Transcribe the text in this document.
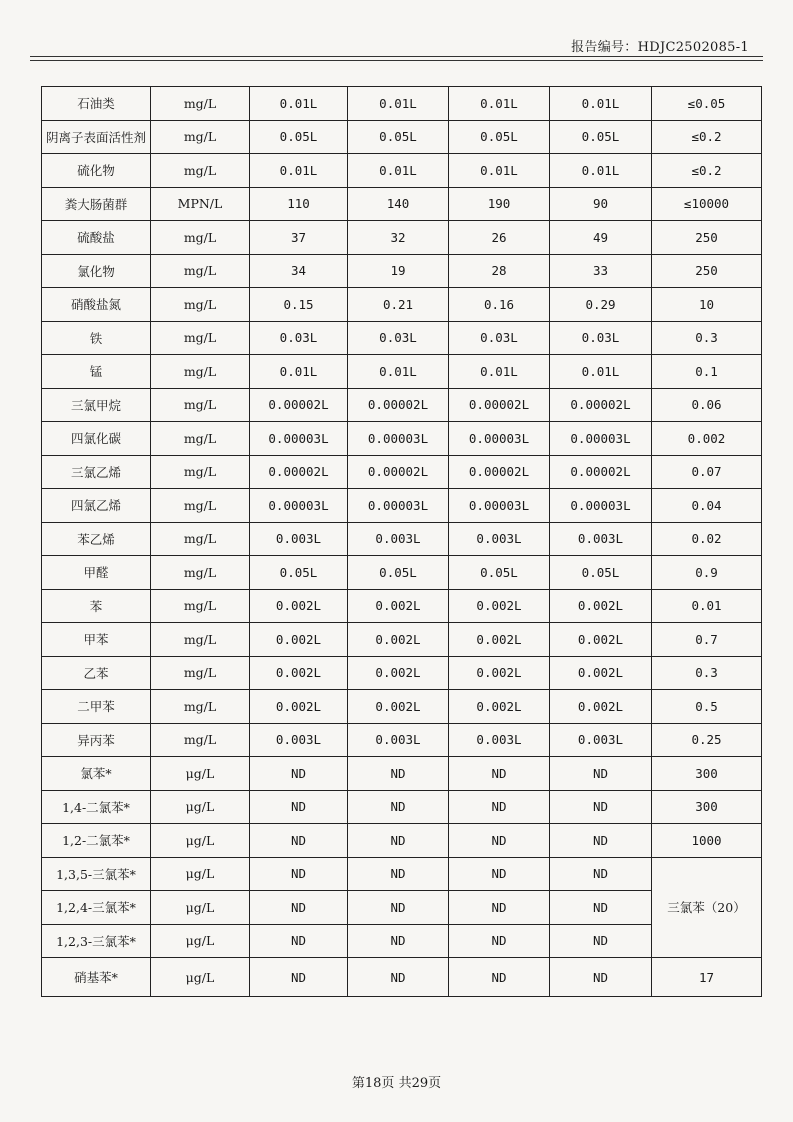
报告编号：HDJC2502085-1
石油类	mg/L	0.01L	0.01L	0.01L	0.01L	≤0.05
阴离子表面活性剂	mg/L	0.05L	0.05L	0.05L	0.05L	≤0.2
硫化物	mg/L	0.01L	0.01L	0.01L	0.01L	≤0.2
粪大肠菌群	MPN/L	110	140	190	90	≤10000
硫酸盐	mg/L	37	32	26	49	250
氯化物	mg/L	34	19	28	33	250
硝酸盐氮	mg/L	0.15	0.21	0.16	0.29	10
铁	mg/L	0.03L	0.03L	0.03L	0.03L	0.3
锰	mg/L	0.01L	0.01L	0.01L	0.01L	0.1
三氯甲烷	mg/L	0.00002L	0.00002L	0.00002L	0.00002L	0.06
四氯化碳	mg/L	0.00003L	0.00003L	0.00003L	0.00003L	0.002
三氯乙烯	mg/L	0.00002L	0.00002L	0.00002L	0.00002L	0.07
四氯乙烯	mg/L	0.00003L	0.00003L	0.00003L	0.00003L	0.04
苯乙烯	mg/L	0.003L	0.003L	0.003L	0.003L	0.02
甲醛	mg/L	0.05L	0.05L	0.05L	0.05L	0.9
苯	mg/L	0.002L	0.002L	0.002L	0.002L	0.01
甲苯	mg/L	0.002L	0.002L	0.002L	0.002L	0.7
乙苯	mg/L	0.002L	0.002L	0.002L	0.002L	0.3
二甲苯	mg/L	0.002L	0.002L	0.002L	0.002L	0.5
异丙苯	mg/L	0.003L	0.003L	0.003L	0.003L	0.25
氯苯*	μg/L	ND	ND	ND	ND	300
1,4-二氯苯*	μg/L	ND	ND	ND	ND	300
1,2-二氯苯*	μg/L	ND	ND	ND	ND	1000
1,3,5-三氯苯*	μg/L	ND	ND	ND	ND	三氯苯（20）
1,2,4-三氯苯*	μg/L	ND	ND	ND	ND	
1,2,3-三氯苯*	μg/L	ND	ND	ND	ND	
硝基苯*	μg/L	ND	ND	ND	ND	17
第18页 共29页
